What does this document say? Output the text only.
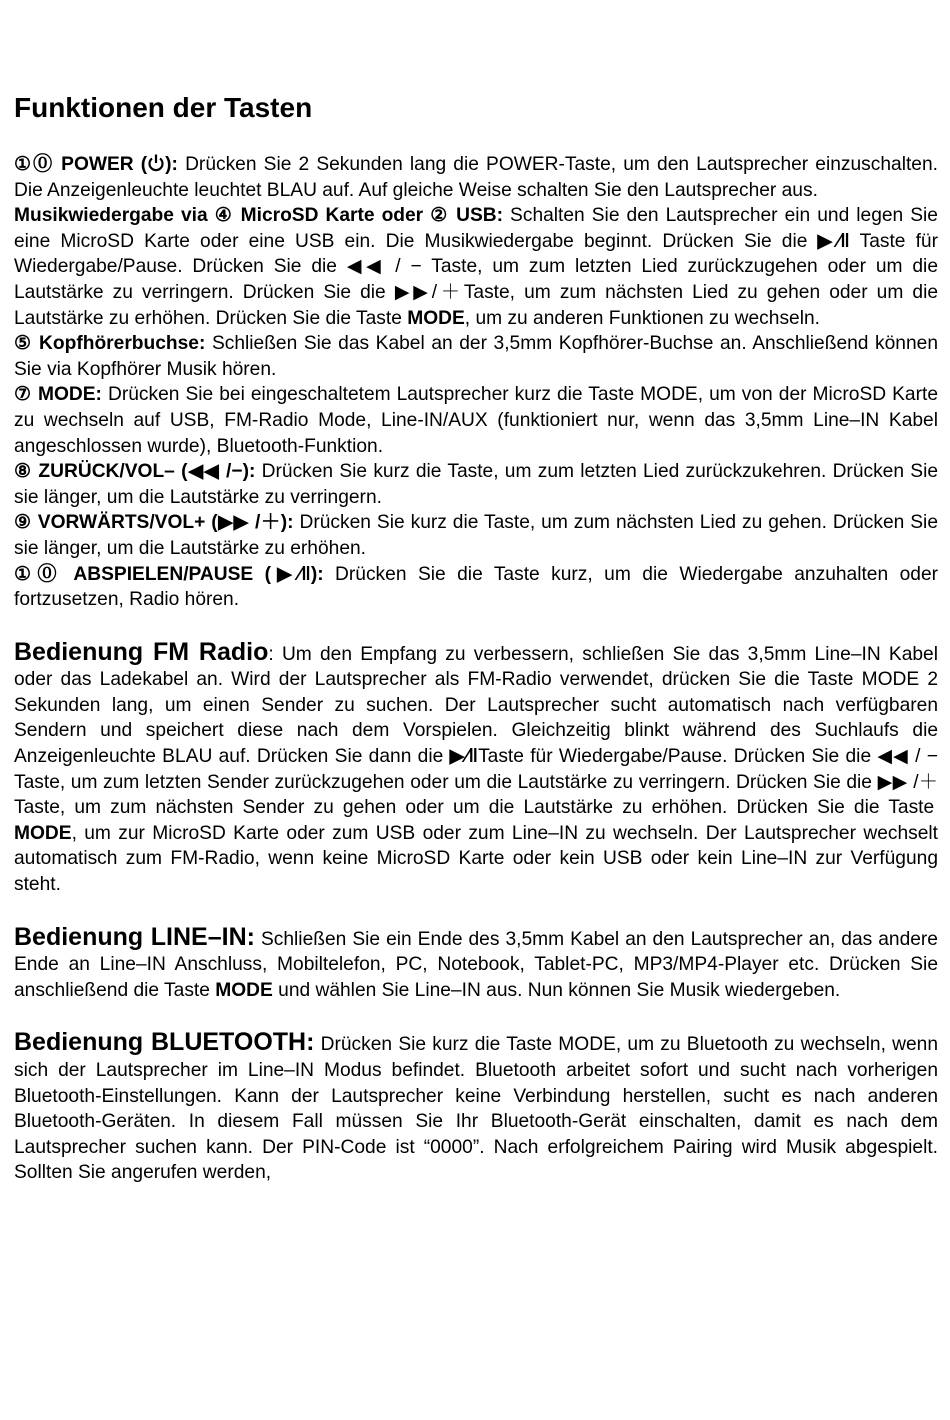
Funktionen der Tasten

①⓪ POWER ( ): Drücken Sie 2 Sekunden lang die POWER-Taste, um den Lautsprecher einzuschalten. Die Anzeigenleuchte leuchtet BLAU auf. Auf gleiche Weise schalten Sie den Lautsprecher aus.

Musikwiedergabe via ④ MicroSD Karte oder ② USB: Schalten Sie den Lautsprecher ein und legen Sie eine MicroSD Karte oder eine USB ein. Die Musikwiedergabe beginnt. Drücken Sie die ▶∕‖ Taste für Wiedergabe/Pause. Drücken Sie die ◀◀ / − Taste, um zum letzten Lied zurückzugehen oder um die Lautstärke zu verringern. Drücken Sie die ▶▶/＋Taste, um zum nächsten Lied zu gehen oder um die Lautstärke zu erhöhen. Drücken Sie die Taste MODE, um zu anderen Funktionen zu wechseln.

⑤ Kopfhörerbuchse: Schließen Sie das Kabel an der 3,5mm Kopfhörer-Buchse an. Anschließend können Sie via Kopfhörer Musik hören.

⑦ MODE: Drücken Sie bei eingeschaltetem Lautsprecher kurz die Taste MODE, um von der MicroSD Karte zu wechseln auf USB, FM-Radio Mode, Line-IN/AUX (funktioniert nur, wenn das 3,5mm Line–IN Kabel angeschlossen wurde), Bluetooth-Funktion.

⑧ ZURÜCK/VOL– (◀◀ /−): Drücken Sie kurz die Taste, um zum letzten Lied zurückzukehren. Drücken Sie sie länger, um die Lautstärke zu verringern.

⑨ VORWÄRTS/VOL+ (▶▶ /＋): Drücken Sie kurz die Taste, um zum nächsten Lied zu gehen. Drücken Sie sie länger, um die Lautstärke zu erhöhen.

①⓪ ABSPIELEN/PAUSE (▶∕‖): Drücken Sie die Taste kurz, um die Wiedergabe anzuhalten oder fortzusetzen, Radio hören.

Bedienung FM Radio: Um den Empfang zu verbessern, schließen Sie das 3,5mm Line–IN Kabel oder das Ladekabel an. Wird der Lautsprecher als FM-Radio verwendet, drücken Sie die Taste MODE 2 Sekunden lang, um einen Sender zu suchen. Der Lautsprecher sucht automatisch nach verfügbaren Sendern und speichert diese nach dem Vorspielen. Gleichzeitig blinkt während des Suchlaufs die Anzeigenleuchte BLAU auf. Drücken Sie dann die ▶∕‖Taste für Wiedergabe/Pause. Drücken Sie die ◀◀ / − Taste, um zum letzten Sender zurückzugehen oder um die Lautstärke zu verringern. Drücken Sie die ▶▶ /＋ Taste, um zum nächsten Sender zu gehen oder um die Lautstärke zu erhöhen. Drücken Sie die Taste MODE, um zur MicroSD Karte oder zum USB oder zum Line–IN zu wechseln. Der Lautsprecher wechselt automatisch zum FM-Radio, wenn keine MicroSD Karte oder kein USB oder kein Line–IN zur Verfügung steht.

Bedienung LINE–IN: Schließen Sie ein Ende des 3,5mm Kabel an den Lautsprecher an, das andere Ende an Line–IN Anschluss, Mobiltelefon, PC, Notebook, Tablet-PC, MP3/MP4-Player etc. Drücken Sie anschließend die Taste MODE und wählen Sie Line–IN aus. Nun können Sie Musik wiedergeben.

Bedienung BLUETOOTH: Drücken Sie kurz die Taste MODE, um zu Bluetooth zu wechseln, wenn sich der Lautsprecher im Line–IN Modus befindet. Bluetooth arbeitet sofort und sucht nach vorherigen Bluetooth-Einstellungen. Kann der Lautsprecher keine Verbindung herstellen, sucht es nach anderen Bluetooth-Geräten. In diesem Fall müssen Sie Ihr Bluetooth-Gerät einschalten, damit es nach dem Lautsprecher suchen kann. Der PIN-Code ist “0000”. Nach erfolgreichem Pairing wird Musik abgespielt. Sollten Sie angerufen werden,
